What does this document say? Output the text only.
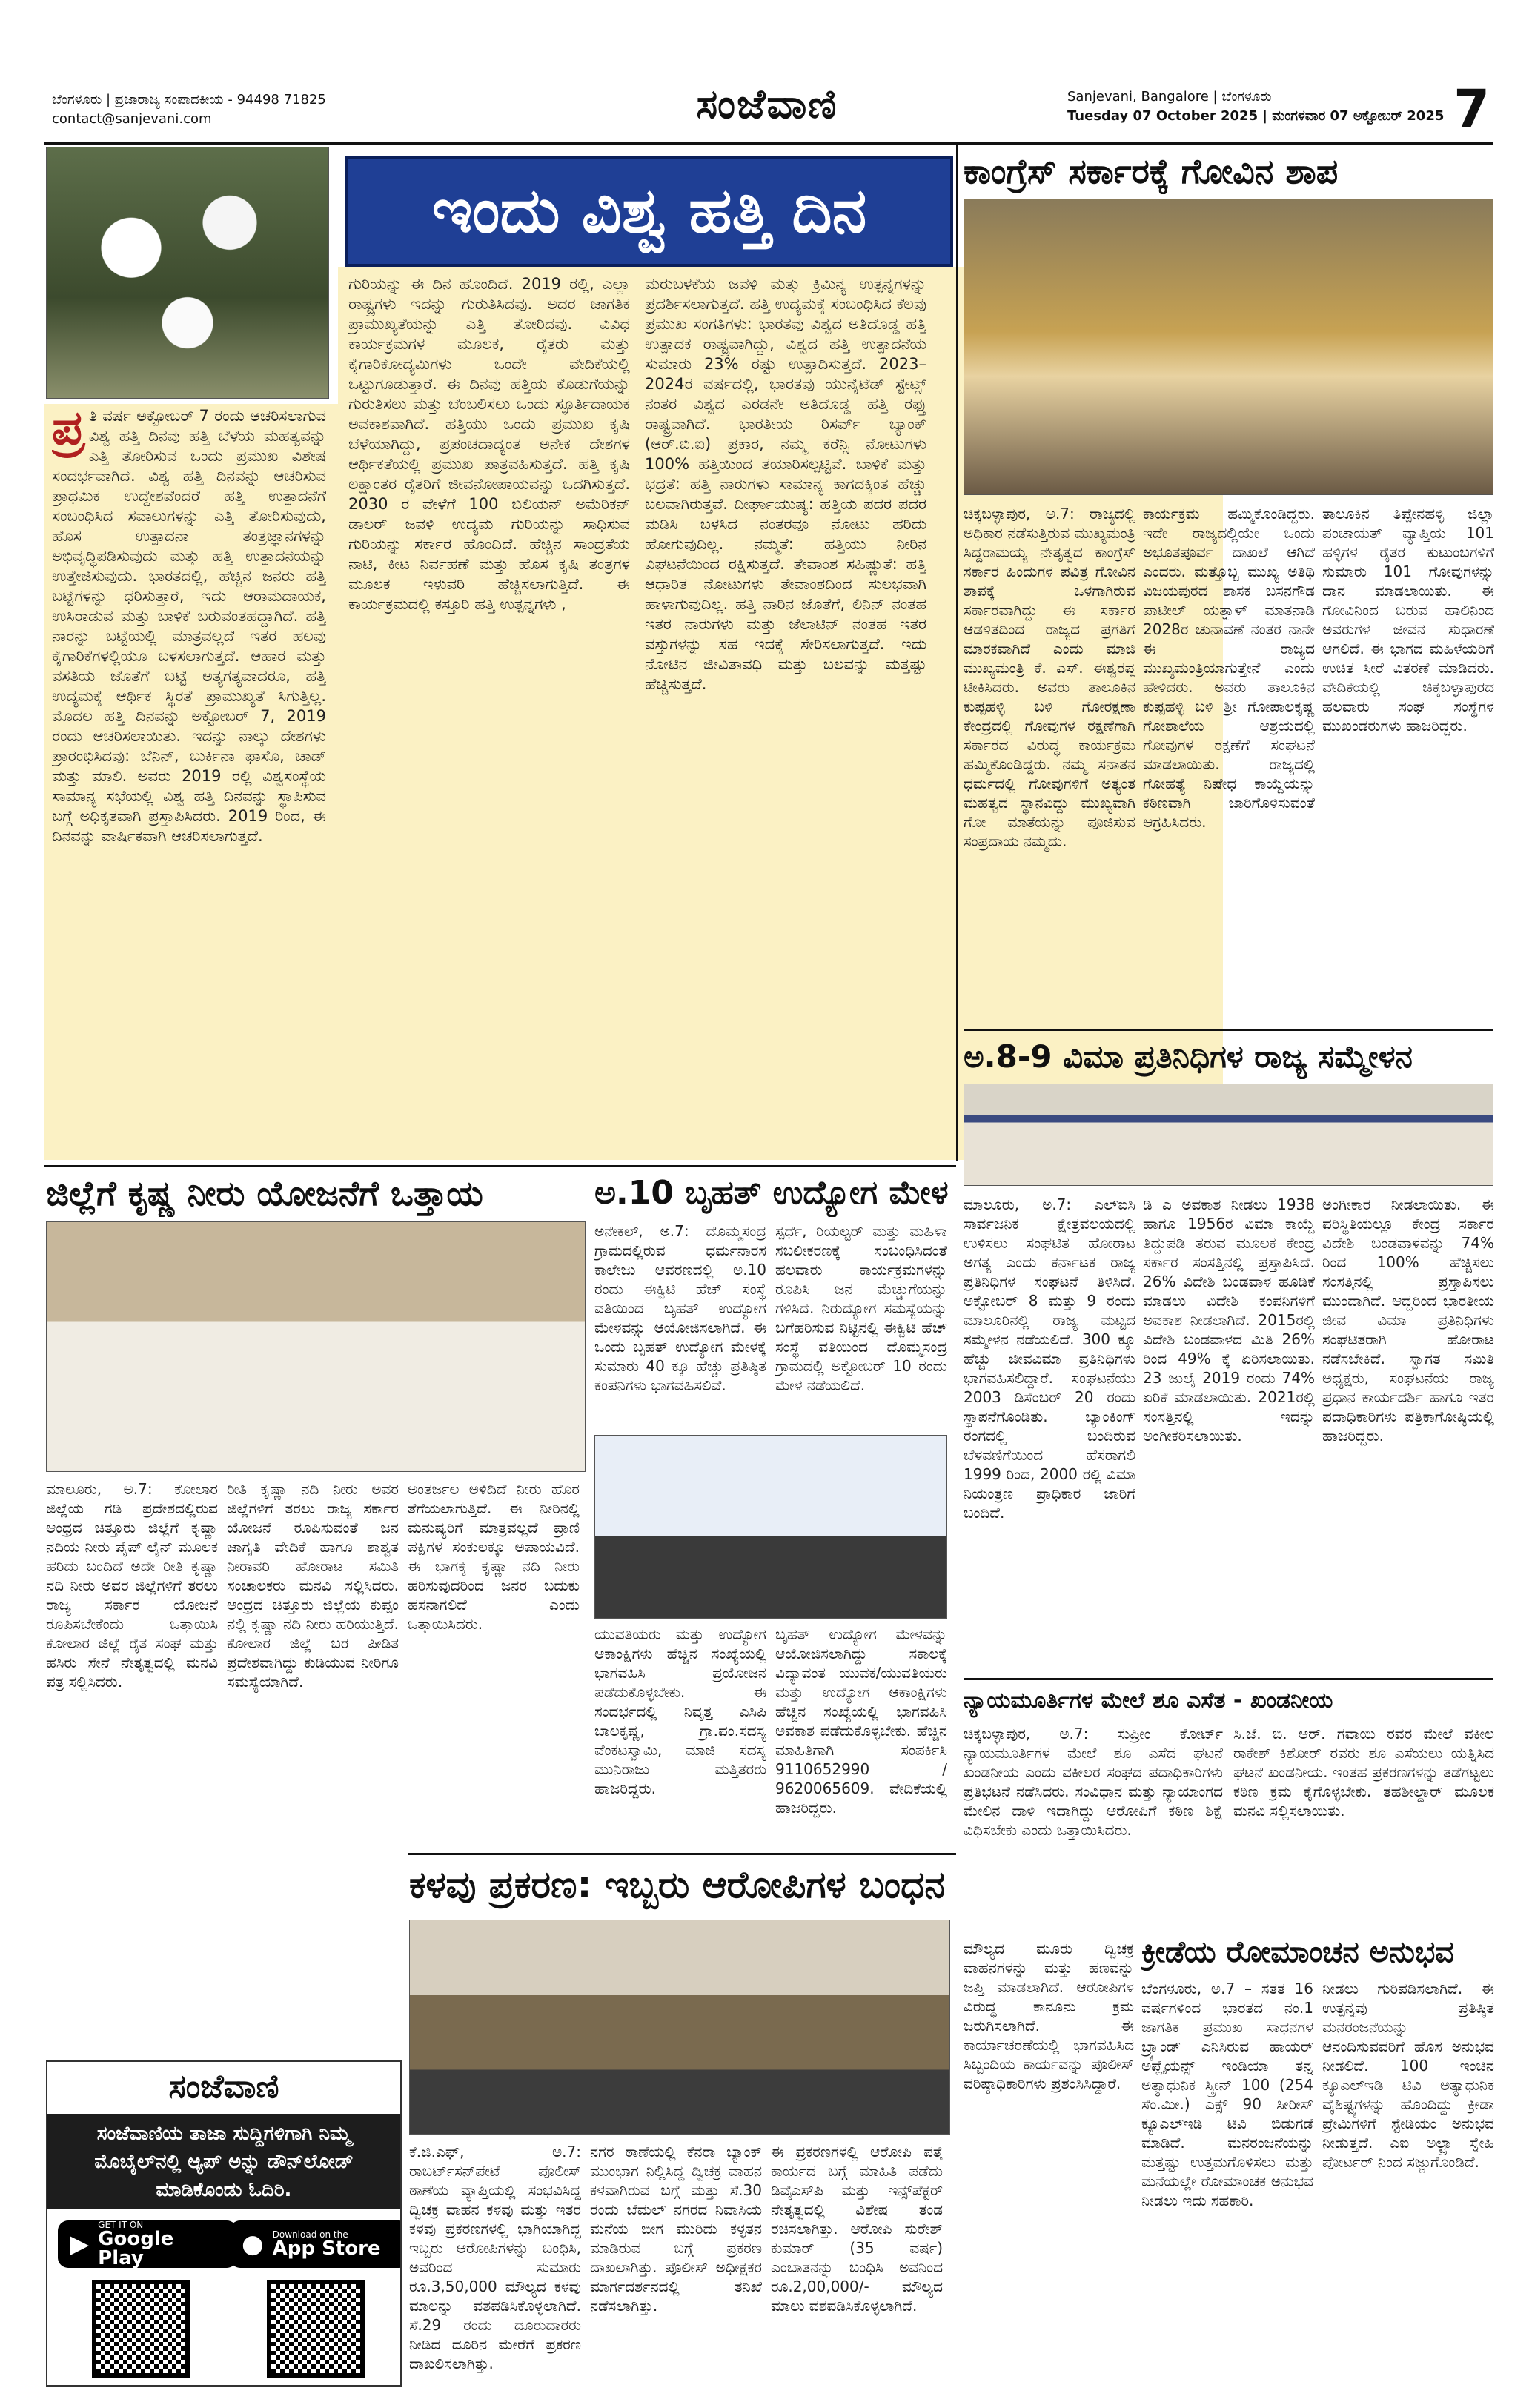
ಬೆಂಗಳೂರು | ಪ್ರಜಾರಾಜ್ಯ ಸಂಪಾದಕೀಯ - 94498 71825
contact@sanjevani.com	ಸಂಜೆವಾಣಿ	Sanjevani, Bangalore | ಬೆಂಗಳೂರು
Tuesday 07 October 2025 | ಮಂಗಳವಾರ 07 ಅಕ್ಟೋಬರ್ 2025 7
ಇಂದು ವಿಶ್ವ ಹತ್ತಿ ದಿನ
ಪ್ರ ತಿ ವರ್ಷ ಅಕ್ಟೋಬರ್ 7 ರಂದು ಆಚರಿಸಲಾಗುವ ವಿಶ್ವ ಹತ್ತಿ ದಿನವು ಹತ್ತಿ ಬೆಳೆಯ ಮಹತ್ವವನ್ನು ಎತ್ತಿ ತೋರಿಸುವ ಒಂದು ಪ್ರಮುಖ ವಿಶೇಷ ಸಂದರ್ಭವಾಗಿದೆ. ವಿಶ್ವ ಹತ್ತಿ ದಿನವನ್ನು ಆಚರಿಸುವ ಪ್ರಾಥಮಿಕ ಉದ್ದೇಶವೆಂದರೆ ಹತ್ತಿ ಉತ್ಪಾದನೆಗೆ ಸಂಬಂಧಿಸಿದ ಸವಾಲುಗಳನ್ನು ಎತ್ತಿ ತೋರಿಸುವುದು, ಹೊಸ ಉತ್ಪಾದನಾ ತಂತ್ರಜ್ಞಾನಗಳನ್ನು ಅಭಿವೃದ್ಧಿಪಡಿಸುವುದು ಮತ್ತು ಹತ್ತಿ ಉತ್ಪಾದನೆಯನ್ನು ಉತ್ತೇಜಿಸುವುದು. ಭಾರತದಲ್ಲಿ, ಹೆಚ್ಚಿನ ಜನರು ಹತ್ತಿ ಬಟ್ಟೆಗಳನ್ನು ಧರಿಸುತ್ತಾರೆ, ಇದು ಆರಾಮದಾಯಕ, ಉಸಿರಾಡುವ ಮತ್ತು ಬಾಳಿಕೆ ಬರುವಂತಹದ್ದಾಗಿದೆ. ಹತ್ತಿ ನಾರನ್ನು ಬಟ್ಟೆಯಲ್ಲಿ ಮಾತ್ರವಲ್ಲದೆ ಇತರ ಹಲವು ಕೈಗಾರಿಕೆಗಳಲ್ಲಿಯೂ ಬಳಸಲಾಗುತ್ತದೆ. ಆಹಾರ ಮತ್ತು ವಸತಿಯ ಜೊತೆಗೆ ಬಟ್ಟೆ ಅತ್ಯಗತ್ಯವಾದರೂ, ಹತ್ತಿ ಉದ್ಯಮಕ್ಕೆ ಆರ್ಥಿಕ ಸ್ಥಿರತೆ ಪ್ರಾಮುಖ್ಯತೆ ಸಿಗುತ್ತಿಲ್ಲ. ಮೊದಲ ಹತ್ತಿ ದಿನವನ್ನು ಅಕ್ಟೋಬರ್ 7, 2019 ರಂದು ಆಚರಿಸಲಾಯಿತು. ಇದನ್ನು ನಾಲ್ಕು ದೇಶಗಳು ಪ್ರಾರಂಭಿಸಿದವು: ಬೆನಿನ್, ಬುರ್ಕಿನಾ ಫಾಸೊ, ಚಾಡ್ ಮತ್ತು ಮಾಲಿ. ಅವರು 2019 ರಲ್ಲಿ ವಿಶ್ವಸಂಸ್ಥೆಯ ಸಾಮಾನ್ಯ ಸಭೆಯಲ್ಲಿ ವಿಶ್ವ ಹತ್ತಿ ದಿನವನ್ನು ಸ್ಥಾಪಿಸುವ ಬಗ್ಗೆ ಅಧಿಕೃತವಾಗಿ ಪ್ರಸ್ತಾಪಿಸಿದರು. 2019 ರಿಂದ, ಈ ದಿನವನ್ನು ವಾರ್ಷಿಕವಾಗಿ ಆಚರಿಸಲಾಗುತ್ತದೆ.
ಗುರಿಯನ್ನು ಈ ದಿನ ಹೊಂದಿದೆ. 2019 ರಲ್ಲಿ, ಎಲ್ಲಾ ರಾಷ್ಟ್ರಗಳು ಇದನ್ನು ಗುರುತಿಸಿದವು. ಅದರ ಜಾಗತಿಕ ಪ್ರಾಮುಖ್ಯತೆಯನ್ನು ಎತ್ತಿ ತೋರಿದವು. ವಿವಿಧ ಕಾರ್ಯಕ್ರಮಗಳ ಮೂಲಕ, ರೈತರು ಮತ್ತು ಕೈಗಾರಿಕೋದ್ಯಮಿಗಳು ಒಂದೇ ವೇದಿಕೆಯಲ್ಲಿ ಒಟ್ಟುಗೂಡುತ್ತಾರೆ. ಈ ದಿನವು ಹತ್ತಿಯ ಕೊಡುಗೆಯನ್ನು ಗುರುತಿಸಲು ಮತ್ತು ಬೆಂಬಲಿಸಲು ಒಂದು ಸ್ಫೂರ್ತಿದಾಯಕ ಅವಕಾಶವಾಗಿದೆ. ಹತ್ತಿಯು ಒಂದು ಪ್ರಮುಖ ಕೃಷಿ ಬೆಳೆಯಾಗಿದ್ದು, ಪ್ರಪಂಚದಾದ್ಯಂತ ಅನೇಕ ದೇಶಗಳ ಆರ್ಥಿಕತೆಯಲ್ಲಿ ಪ್ರಮುಖ ಪಾತ್ರವಹಿಸುತ್ತದೆ. ಹತ್ತಿ ಕೃಷಿ ಲಕ್ಷಾಂತರ ರೈತರಿಗೆ ಜೀವನೋಪಾಯವನ್ನು ಒದಗಿಸುತ್ತದೆ. 2030 ರ ವೇಳೆಗೆ 100 ಬಿಲಿಯನ್ ಅಮೆರಿಕನ್ ಡಾಲರ್ ಜವಳಿ ಉದ್ಯಮ ಗುರಿಯನ್ನು ಸಾಧಿಸುವ ಗುರಿಯನ್ನು ಸರ್ಕಾರ ಹೊಂದಿದೆ. ಹೆಚ್ಚಿನ ಸಾಂದ್ರತೆಯ ನಾಟಿ, ಕೀಟ ನಿರ್ವಹಣೆ ಮತ್ತು ಹೊಸ ಕೃಷಿ ತಂತ್ರಗಳ ಮೂಲಕ ಇಳುವರಿ ಹೆಚ್ಚಿಸಲಾಗುತ್ತಿದೆ. ಈ ಕಾರ್ಯಕ್ರಮದಲ್ಲಿ ಕಸ್ತೂರಿ ಹತ್ತಿ ಉತ್ಪನ್ನಗಳು ,
ಮರುಬಳಕೆಯ ಜವಳಿ ಮತ್ತು ಕ್ರಿಮಿನ್ಯ ಉತ್ಪನ್ನಗಳನ್ನು ಪ್ರದರ್ಶಿಸಲಾಗುತ್ತದೆ. ಹತ್ತಿ ಉದ್ಯಮಕ್ಕೆ ಸಂಬಂಧಿಸಿದ ಕೆಲವು ಪ್ರಮುಖ ಸಂಗತಿಗಳು: ಭಾರತವು ವಿಶ್ವದ ಅತಿದೊಡ್ಡ ಹತ್ತಿ ಉತ್ಪಾದಕ ರಾಷ್ಟ್ರವಾಗಿದ್ದು, ವಿಶ್ವದ ಹತ್ತಿ ಉತ್ಪಾದನೆಯ ಸುಮಾರು 23% ರಷ್ಟು ಉತ್ಪಾದಿಸುತ್ತದೆ. 2023–2024ರ ವರ್ಷದಲ್ಲಿ, ಭಾರತವು ಯುನೈಟೆಡ್ ಸ್ಟೇಟ್ಸ್ ನಂತರ ವಿಶ್ವದ ಎರಡನೇ ಅತಿದೊಡ್ಡ ಹತ್ತಿ ರಫ್ತು ರಾಷ್ಟ್ರವಾಗಿದೆ. ಭಾರತೀಯ ರಿಸರ್ವ್ ಬ್ಯಾಂಕ್ (ಆರ್.ಬಿ.ಐ) ಪ್ರಕಾರ, ನಮ್ಮ ಕರೆನ್ಸಿ ನೋಟುಗಳು 100% ಹತ್ತಿಯಿಂದ ತಯಾರಿಸಲ್ಪಟ್ಟಿವೆ. ಬಾಳಿಕೆ ಮತ್ತು ಭದ್ರತೆ: ಹತ್ತಿ ನಾರುಗಳು ಸಾಮಾನ್ಯ ಕಾಗದಕ್ಕಿಂತ ಹೆಚ್ಚು ಬಲವಾಗಿರುತ್ತವೆ. ದೀರ್ಘಾಯುಷ್ಯ: ಹತ್ತಿಯ ಪದರ ಪದರ ಮಡಿಸಿ ಬಳಸಿದ ನಂತರವೂ ನೋಟು ಹರಿದು ಹೋಗುವುದಿಲ್ಲ. ನಮ್ಮತೆ: ಹತ್ತಿಯು ನೀರಿನ ವಿಘಟನೆಯಿಂದ ರಕ್ಷಿಸುತ್ತದೆ. ತೇವಾಂಶ ಸಹಿಷ್ಣುತೆ: ಹತ್ತಿ ಆಧಾರಿತ ನೋಟುಗಳು ತೇವಾಂಶದಿಂದ ಸುಲಭವಾಗಿ ಹಾಳಾಗುವುದಿಲ್ಲ. ಹತ್ತಿ ನಾರಿನ ಜೊತೆಗೆ, ಲಿನಿನ್ ನಂತಹ ಇತರ ನಾರುಗಳು ಮತ್ತು ಜೆಲಾಟಿನ್ ನಂತಹ ಇತರ ವಸ್ತುಗಳನ್ನು ಸಹ ಇದಕ್ಕೆ ಸೇರಿಸಲಾಗುತ್ತದೆ. ಇದು ನೋಟಿನ ಜೀವಿತಾವಧಿ ಮತ್ತು ಬಲವನ್ನು ಮತ್ತಷ್ಟು ಹೆಚ್ಚಿಸುತ್ತದೆ.
ಕಾಂಗ್ರೆಸ್ ಸರ್ಕಾರಕ್ಕೆ ಗೋವಿನ ಶಾಪ
ಚಿಕ್ಕಬಳ್ಳಾಪುರ, ಅ.7: ರಾಜ್ಯದಲ್ಲಿ ಅಧಿಕಾರ ನಡೆಸುತ್ತಿರುವ ಮುಖ್ಯಮಂತ್ರಿ ಸಿದ್ದರಾಮಯ್ಯ ನೇತೃತ್ವದ ಕಾಂಗ್ರೆಸ್ ಸರ್ಕಾರ ಹಿಂದುಗಳ ಪವಿತ್ರ ಗೋವಿನ ಶಾಪಕ್ಕೆ ಒಳಗಾಗಿರುವ ಸರ್ಕಾರವಾಗಿದ್ದು ಈ ಸರ್ಕಾರ ಆಡಳಿತದಿಂದ ರಾಜ್ಯದ ಪ್ರಗತಿಗೆ ಮಾರಕವಾಗಿದೆ ಎಂದು ಮಾಜಿ ಮುಖ್ಯಮಂತ್ರಿ ಕೆ. ಎಸ್. ಈಶ್ವರಪ್ಪ ಟೀಕಿಸಿದರು. ಅವರು ತಾಲೂಕಿನ ಕುಪ್ಪಹಳ್ಳಿ ಬಳಿ ಗೋರಕ್ಷಣಾ ಕೇಂದ್ರದಲ್ಲಿ ಗೋವುಗಳ ರಕ್ಷಣೆಗಾಗಿ ಸರ್ಕಾರದ ವಿರುದ್ಧ ಕಾರ್ಯಕ್ರಮ ಹಮ್ಮಿಕೊಂಡಿದ್ದರು. ನಮ್ಮ ಸನಾತನ ಧರ್ಮದಲ್ಲಿ ಗೋವುಗಳಿಗೆ ಅತ್ಯಂತ ಮಹತ್ವದ ಸ್ಥಾನವಿದ್ದು ಮುಖ್ಯವಾಗಿ ಗೋ ಮಾತೆಯನ್ನು ಪೂಜಿಸುವ ಸಂಪ್ರದಾಯ ನಮ್ಮದು.
ಕಾರ್ಯಕ್ರಮ ಹಮ್ಮಿಕೊಂಡಿದ್ದರು. ಇದೇ ರಾಜ್ಯದಲ್ಲಿಯೇ ಒಂದು ಅಭೂತಪೂರ್ವ ದಾಖಲೆ ಆಗಿದೆ ಎಂದರು. ಮತ್ತೊಬ್ಬ ಮುಖ್ಯ ಅತಿಥಿ ವಿಜಯಪುರದ ಶಾಸಕ ಬಸನಗೌಡ ಪಾಟೀಲ್ ಯತ್ನಾಳ್ ಮಾತನಾಡಿ 2028ರ ಚುನಾವಣೆ ನಂತರ ನಾನೇ ಈ ರಾಜ್ಯದ ಮುಖ್ಯಮಂತ್ರಿಯಾಗುತ್ತೇನೆ ಎಂದು ಹೇಳಿದರು. ಅವರು ತಾಲೂಕಿನ ಕುಪ್ಪಹಳ್ಳಿ ಬಳಿ ಶ್ರೀ ಗೋಪಾಲಕೃಷ್ಣ ಗೋಶಾಲೆಯ ಆಶ್ರಯದಲ್ಲಿ ಗೋವುಗಳ ರಕ್ಷಣೆಗೆ ಸಂಘಟನೆ ಮಾಡಲಾಯಿತು. ರಾಜ್ಯದಲ್ಲಿ ಗೋಹತ್ಯೆ ನಿಷೇಧ ಕಾಯ್ದೆಯನ್ನು ಕಠಿಣವಾಗಿ ಜಾರಿಗೊಳಿಸುವಂತೆ ಆಗ್ರಹಿಸಿದರು.
ತಾಲೂಕಿನ ತಿಪ್ಪೇನಹಳ್ಳಿ ಜಿಲ್ಲಾ ಪಂಚಾಯತ್ ವ್ಯಾಪ್ತಿಯ 101 ಹಳ್ಳಿಗಳ ರೈತರ ಕುಟುಂಬಗಳಿಗೆ ಸುಮಾರು 101 ಗೋವುಗಳನ್ನು ದಾನ ಮಾಡಲಾಯಿತು. ಈ ಗೋವಿನಿಂದ ಬರುವ ಹಾಲಿನಿಂದ ಅವರುಗಳ ಜೀವನ ಸುಧಾರಣೆ ಆಗಲಿದೆ. ಈ ಭಾಗದ ಮಹಿಳೆಯರಿಗೆ ಉಚಿತ ಸೀರೆ ವಿತರಣೆ ಮಾಡಿದರು. ವೇದಿಕೆಯಲ್ಲಿ ಚಿಕ್ಕಬಳ್ಳಾಪುರದ ಹಲವಾರು ಸಂಘ ಸಂಸ್ಥೆಗಳ ಮುಖಂಡರುಗಳು ಹಾಜರಿದ್ದರು.
ಅ.8-9 ವಿಮಾ ಪ್ರತಿನಿಧಿಗಳ ರಾಜ್ಯ ಸಮ್ಮೇಳನ
ಮಾಲೂರು, ಅ.7: ಎಲ್‌ಐಸಿ ಸಾರ್ವಜನಿಕ ಕ್ಷೇತ್ರವಲಯದಲ್ಲಿ ಉಳಿಸಲು ಸಂಘಟಿತ ಹೋರಾಟ ಅಗತ್ಯ ಎಂದು ಕರ್ನಾಟಕ ರಾಜ್ಯ ಪ್ರತಿನಿಧಿಗಳ ಸಂಘಟನೆ ತಿಳಿಸಿದೆ. ಅಕ್ಟೋಬರ್ 8 ಮತ್ತು 9 ರಂದು ಮಾಲೂರಿನಲ್ಲಿ ರಾಜ್ಯ ಮಟ್ಟದ ಸಮ್ಮೇಳನ ನಡೆಯಲಿದೆ. 300 ಕ್ಕೂ ಹೆಚ್ಚು ಜೀವವಿಮಾ ಪ್ರತಿನಿಧಿಗಳು ಭಾಗವಹಿಸಲಿದ್ದಾರೆ. ಸಂಘಟನೆಯು 2003 ಡಿಸೆಂಬರ್ 20 ರಂದು ಸ್ಥಾಪನೆಗೊಂಡಿತು. ಬ್ಯಾಂಕಿಂಗ್ ರಂಗದಲ್ಲಿ ಬಂದಿರುವ ಬೆಳವಣಿಗೆಯಿಂದ ಹೆಸರಾಗಲಿ 1999 ರಿಂದ, 2000 ರಲ್ಲಿ ವಿಮಾ ನಿಯಂತ್ರಣ ಪ್ರಾಧಿಕಾರ ಜಾರಿಗೆ ಬಂದಿದೆ.
ಡಿ ಎ ಅವಕಾಶ ನೀಡಲು 1938 ಹಾಗೂ 1956ರ ವಿಮಾ ಕಾಯ್ದೆ ತಿದ್ದುಪಡಿ ತರುವ ಮೂಲಕ ಕೇಂದ್ರ ಸರ್ಕಾರ ಸಂಸತ್ತಿನಲ್ಲಿ ಪ್ರಸ್ತಾಪಿಸಿದೆ. 26% ವಿದೇಶಿ ಬಂಡವಾಳ ಹೂಡಿಕೆ ಮಾಡಲು ವಿದೇಶಿ ಕಂಪನಿಗಳಿಗೆ ಅವಕಾಶ ನೀಡಲಾಗಿದೆ. 2015ರಲ್ಲಿ ವಿದೇಶಿ ಬಂಡವಾಳದ ಮಿತಿ 26% ರಿಂದ 49% ಕ್ಕೆ ಏರಿಸಲಾಯಿತು. 23 ಜುಲೈ 2019 ರಂದು 74% ಏರಿಕೆ ಮಾಡಲಾಯಿತು. 2021ರಲ್ಲಿ ಸಂಸತ್ತಿನಲ್ಲಿ ಇದನ್ನು ಅಂಗೀಕರಿಸಲಾಯಿತು.
ಅಂಗೀಕಾರ ನೀಡಲಾಯಿತು. ಈ ಪರಿಸ್ಥಿತಿಯಲ್ಲೂ ಕೇಂದ್ರ ಸರ್ಕಾರ ವಿದೇಶಿ ಬಂಡವಾಳವನ್ನು 74% ರಿಂದ 100% ಹೆಚ್ಚಿಸಲು ಸಂಸತ್ತಿನಲ್ಲಿ ಪ್ರಸ್ತಾಪಿಸಲು ಮುಂದಾಗಿದೆ. ಆದ್ದರಿಂದ ಭಾರತೀಯ ಜೀವ ವಿಮಾ ಪ್ರತಿನಿಧಿಗಳು ಸಂಘಟಿತರಾಗಿ ಹೋರಾಟ ನಡೆಸಬೇಕಿದೆ. ಸ್ವಾಗತ ಸಮಿತಿ ಅಧ್ಯಕ್ಷರು, ಸಂಘಟನೆಯ ರಾಜ್ಯ ಪ್ರಧಾನ ಕಾರ್ಯದರ್ಶಿ ಹಾಗೂ ಇತರ ಪದಾಧಿಕಾರಿಗಳು ಪತ್ರಿಕಾಗೋಷ್ಠಿಯಲ್ಲಿ ಹಾಜರಿದ್ದರು.
ಜಿಲ್ಲೆಗೆ ಕೃಷ್ಣ ನೀರು ಯೋಜನೆಗೆ ಒತ್ತಾಯ
ಮಾಲೂರು, ಅ.7: ಕೋಲಾರ ಜಿಲ್ಲೆಯ ಗಡಿ ಪ್ರದೇಶದಲ್ಲಿರುವ ಆಂಧ್ರದ ಚಿತ್ತೂರು ಜಿಲ್ಲೆಗೆ ಕೃಷ್ಣಾ ನದಿಯ ನೀರು ಪೈಪ್ ಲೈನ್ ಮೂಲಕ ಹರಿದು ಬಂದಿದೆ ಅದೇ ರೀತಿ ಕೃಷ್ಣಾ ನದಿ ನೀರು ಅವರ ಜಿಲ್ಲೆಗಳಿಗೆ ತರಲು ರಾಜ್ಯ ಸರ್ಕಾರ ಯೋಜನೆ ರೂಪಿಸಬೇಕೆಂದು ಒತ್ತಾಯಿಸಿ ಕೋಲಾರ ಜಿಲ್ಲೆ ರೈತ ಸಂಘ ಮತ್ತು ಹಸಿರು ಸೇನೆ ನೇತೃತ್ವದಲ್ಲಿ ಮನವಿ ಪತ್ರ ಸಲ್ಲಿಸಿದರು.
ರೀತಿ ಕೃಷ್ಣಾ ನದಿ ನೀರು ಅವರ ಜಿಲ್ಲೆಗಳಿಗೆ ತರಲು ರಾಜ್ಯ ಸರ್ಕಾರ ಯೋಜನೆ ರೂಪಿಸುವಂತೆ ಜನ ಜಾಗೃತಿ ವೇದಿಕೆ ಹಾಗೂ ಶಾಶ್ವತ ನೀರಾವರಿ ಹೋರಾಟ ಸಮಿತಿ ಸಂಚಾಲಕರು ಮನವಿ ಸಲ್ಲಿಸಿದರು. ಆಂಧ್ರದ ಚಿತ್ತೂರು ಜಿಲ್ಲೆಯ ಕುಪ್ಪಂ ನಲ್ಲಿ ಕೃಷ್ಣಾ ನದಿ ನೀರು ಹರಿಯುತ್ತಿದೆ. ಕೋಲಾರ ಜಿಲ್ಲೆ ಬರ ಪೀಡಿತ ಪ್ರದೇಶವಾಗಿದ್ದು ಕುಡಿಯುವ ನೀರಿಗೂ ಸಮಸ್ಯೆಯಾಗಿದೆ.
ಅಂತರ್ಜಲ ಅಳಿದಿದೆ ನೀರು ಹೊರ ತೆಗೆಯಲಾಗುತ್ತಿದೆ. ಈ ನೀರಿನಲ್ಲಿ ಮನುಷ್ಯರಿಗೆ ಮಾತ್ರವಲ್ಲದೆ ಪ್ರಾಣಿ ಪಕ್ಷಿಗಳ ಸಂಕುಲಕ್ಕೂ ಅಪಾಯವಿದೆ. ಈ ಭಾಗಕ್ಕೆ ಕೃಷ್ಣಾ ನದಿ ನೀರು ಹರಿಸುವುದರಿಂದ ಜನರ ಬದುಕು ಹಸನಾಗಲಿದೆ ಎಂದು ಒತ್ತಾಯಿಸಿದರು.
ಅ.10 ಬೃಹತ್ ಉದ್ಯೋಗ ಮೇಳ
ಅನೇಕಲ್, ಅ.7: ದೊಮ್ಮಸಂದ್ರ ಗ್ರಾಮದಲ್ಲಿರುವ ಧರ್ಮನಾರಸ ಕಾಲೇಜು ಆವರಣದಲ್ಲಿ ಅ.10 ರಂದು ಈಕ್ವಿಟಿ ಹೆಚ್ ಸಂಸ್ಥೆ ವತಿಯಿಂದ ಬೃಹತ್ ಉದ್ಯೋಗ ಮೇಳವನ್ನು ಆಯೋಜಿಸಲಾಗಿದೆ. ಈ ಒಂದು ಬೃಹತ್ ಉದ್ಯೋಗ ಮೇಳಕ್ಕೆ ಸುಮಾರು 40 ಕ್ಕೂ ಹೆಚ್ಚು ಪ್ರತಿಷ್ಠಿತ ಕಂಪನಿಗಳು ಭಾಗವಹಿಸಲಿವೆ.
ಸ್ಪರ್ಧೆ, ರಿಯಲ್ಟರ್ ಮತ್ತು ಮಹಿಳಾ ಸಬಲೀಕರಣಕ್ಕೆ ಸಂಬಂಧಿಸಿದಂತೆ ಹಲವಾರು ಕಾರ್ಯಕ್ರಮಗಳನ್ನು ರೂಪಿಸಿ ಜನ ಮೆಚ್ಚುಗೆಯನ್ನು ಗಳಿಸಿದೆ. ನಿರುದ್ಯೋಗ ಸಮಸ್ಯೆಯನ್ನು ಬಗೆಹರಿಸುವ ನಿಟ್ಟಿನಲ್ಲಿ ಈಕ್ವಿಟಿ ಹೆಚ್ ಸಂಸ್ಥೆ ವತಿಯಿಂದ ದೊಮ್ಮಸಂದ್ರ ಗ್ರಾಮದಲ್ಲಿ ಅಕ್ಟೋಬರ್ 10 ರಂದು ಮೇಳ ನಡೆಯಲಿದೆ.
ಯುವತಿಯರು ಮತ್ತು ಉದ್ಯೋಗ ಆಕಾಂಕ್ಷಿಗಳು ಹೆಚ್ಚಿನ ಸಂಖ್ಯೆಯಲ್ಲಿ ಭಾಗವಹಿಸಿ ಪ್ರಯೋಜನ ಪಡೆದುಕೊಳ್ಳಬೇಕು. ಈ ಸಂದರ್ಭದಲ್ಲಿ ನಿವೃತ್ತ ಎಸಿಪಿ ಬಾಲಕೃಷ್ಣ, ಗ್ರಾ.ಪಂ.ಸದಸ್ಯ ವೆಂಕಟಸ್ವಾಮಿ, ಮಾಜಿ ಸದಸ್ಯ ಮುನಿರಾಜು ಮತ್ತಿತರರು ಹಾಜರಿದ್ದರು.
ಬೃಹತ್ ಉದ್ಯೋಗ ಮೇಳವನ್ನು ಆಯೋಜಿಸಲಾಗಿದ್ದು ಸಕಾಲಕ್ಕೆ ವಿದ್ಯಾವಂತ ಯುವಕ/ಯುವತಿಯರು ಮತ್ತು ಉದ್ಯೋಗ ಆಕಾಂಕ್ಷಿಗಳು ಹೆಚ್ಚಿನ ಸಂಖ್ಯೆಯಲ್ಲಿ ಭಾಗವಹಿಸಿ ಅವಕಾಶ ಪಡೆದುಕೊಳ್ಳಬೇಕು. ಹೆಚ್ಚಿನ ಮಾಹಿತಿಗಾಗಿ ಸಂಪರ್ಕಿಸಿ 9110652990 / 9620065609. ವೇದಿಕೆಯಲ್ಲಿ ಹಾಜರಿದ್ದರು.
ನ್ಯಾಯಮೂರ್ತಿಗಳ ಮೇಲೆ ಶೂ ಎಸೆತ - ಖಂಡನೀಯ
ಚಿಕ್ಕಬಳ್ಳಾಪುರ, ಅ.7: ಸುಪ್ರೀಂ ಕೋರ್ಟ್ ನ್ಯಾಯಮೂರ್ತಿಗಳ ಮೇಲೆ ಶೂ ಎಸೆದ ಘಟನೆ ಖಂಡನೀಯ ಎಂದು ವಕೀಲರ ಸಂಘದ ಪದಾಧಿಕಾರಿಗಳು ಪ್ರತಿಭಟನೆ ನಡೆಸಿದರು. ಸಂವಿಧಾನ ಮತ್ತು ನ್ಯಾಯಾಂಗದ ಮೇಲಿನ ದಾಳಿ ಇದಾಗಿದ್ದು ಆರೋಪಿಗೆ ಕಠಿಣ ಶಿಕ್ಷೆ ವಿಧಿಸಬೇಕು ಎಂದು ಒತ್ತಾಯಿಸಿದರು.
ಸಿ.ಜೆ. ಬಿ. ಆರ್. ಗವಾಯಿ ರವರ ಮೇಲೆ ವಕೀಲ ರಾಕೇಶ್ ಕಿಶೋರ್ ರವರು ಶೂ ಎಸೆಯಲು ಯತ್ನಿಸಿದ ಘಟನೆ ಖಂಡನೀಯ. ಇಂತಹ ಪ್ರಕರಣಗಳನ್ನು ತಡೆಗಟ್ಟಲು ಕಠಿಣ ಕ್ರಮ ಕೈಗೊಳ್ಳಬೇಕು. ತಹಶೀಲ್ದಾರ್ ಮೂಲಕ ಮನವಿ ಸಲ್ಲಿಸಲಾಯಿತು.
ಕಳವು ಪ್ರಕರಣ: ಇಬ್ಬರು ಆರೋಪಿಗಳ ಬಂಧನ
ಕೆ.ಜಿ.ಎಫ್, ಅ.7: ರಾಬರ್ಟ್‌ಸನ್‌ಪೇಟೆ ಪೊಲೀಸ್ ಠಾಣೆಯ ವ್ಯಾಪ್ತಿಯಲ್ಲಿ ಸಂಭವಿಸಿದ್ದ ದ್ವಿಚಕ್ರ ವಾಹನ ಕಳವು ಮತ್ತು ಇತರ ಕಳವು ಪ್ರಕರಣಗಳಲ್ಲಿ ಭಾಗಿಯಾಗಿದ್ದ ಇಬ್ಬರು ಆರೋಪಿಗಳನ್ನು ಬಂಧಿಸಿ, ಅವರಿಂದ ಸುಮಾರು ರೂ.3,50,000 ಮೌಲ್ಯದ ಕಳವು ಮಾಲನ್ನು ವಶಪಡಿಸಿಕೊಳ್ಳಲಾಗಿದೆ. ಸೆ.29 ರಂದು ದೂರುದಾರರು ನೀಡಿದ ದೂರಿನ ಮೇರೆಗೆ ಪ್ರಕರಣ ದಾಖಲಿಸಲಾಗಿತ್ತು.
ನಗರ ಠಾಣೆಯಲ್ಲಿ ಕೆನರಾ ಬ್ಯಾಂಕ್ ಮುಂಭಾಗ ನಿಲ್ಲಿಸಿದ್ದ ದ್ವಿಚಕ್ರ ವಾಹನ ಕಳವಾಗಿರುವ ಬಗ್ಗೆ ಮತ್ತು ಸೆ.30 ರಂದು ಬೆಮಲ್ ನಗರದ ನಿವಾಸಿಯ ಮನೆಯ ಬೀಗ ಮುರಿದು ಕಳ್ಳತನ ಮಾಡಿರುವ ಬಗ್ಗೆ ಪ್ರಕರಣ ದಾಖಲಾಗಿತ್ತು. ಪೊಲೀಸ್ ಅಧೀಕ್ಷಕರ ಮಾರ್ಗದರ್ಶನದಲ್ಲಿ ತನಿಖೆ ನಡೆಸಲಾಗಿತ್ತು.
ಈ ಪ್ರಕರಣಗಳಲ್ಲಿ ಆರೋಪಿ ಪತ್ತೆ ಕಾರ್ಯದ ಬಗ್ಗೆ ಮಾಹಿತಿ ಪಡೆದು ಡಿವೈಎಸ್‌ಪಿ ಮತ್ತು ಇನ್ಸ್‌ಪೆಕ್ಟರ್ ನೇತೃತ್ವದಲ್ಲಿ ವಿಶೇಷ ತಂಡ ರಚಿಸಲಾಗಿತ್ತು. ಆರೋಪಿ ಸುರೇಶ್ ಕುಮಾರ್ (35 ವರ್ಷ) ಎಂಬಾತನನ್ನು ಬಂಧಿಸಿ ಅವನಿಂದ ರೂ.2,00,000/- ಮೌಲ್ಯದ ಮಾಲು ವಶಪಡಿಸಿಕೊಳ್ಳಲಾಗಿದೆ.
ಮೌಲ್ಯದ ಮೂರು ದ್ವಿಚಕ್ರ ವಾಹನಗಳನ್ನು ಮತ್ತು ಹಣವನ್ನು ಜಪ್ತಿ ಮಾಡಲಾಗಿದೆ. ಆರೋಪಿಗಳ ವಿರುದ್ಧ ಕಾನೂನು ಕ್ರಮ ಜರುಗಿಸಲಾಗಿದೆ. ಈ ಕಾರ್ಯಾಚರಣೆಯಲ್ಲಿ ಭಾಗವಹಿಸಿದ ಸಿಬ್ಬಂದಿಯ ಕಾರ್ಯವನ್ನು ಪೊಲೀಸ್ ವರಿಷ್ಠಾಧಿಕಾರಿಗಳು ಪ್ರಶಂಸಿಸಿದ್ದಾರೆ.
ಕ್ರೀಡೆಯ ರೋಮಾಂಚನ ಅನುಭವ
ಬೆಂಗಳೂರು, ಅ.7 – ಸತತ 16 ವರ್ಷಗಳಿಂದ ಭಾರತದ ನಂ.1 ಜಾಗತಿಕ ಪ್ರಮುಖ ಸಾಧನಗಳ ಬ್ರ್ಯಾಂಡ್ ಎನಿಸಿರುವ ಹಾಯರ್ ಅಪ್ಲೈಯನ್ಸ್ ಇಂಡಿಯಾ ತನ್ನ ಅತ್ಯಾಧುನಿಕ ಸ್ಕ್ರೀನ್ 100 (254 ಸೆಂ.ಮೀ.) ಎಕ್ಸ್ 90 ಸೀರೀಸ್ ಕ್ಯೂಎಲ್‌ಇಡಿ ಟಿವಿ ಬಿಡುಗಡೆ ಮಾಡಿದೆ. ಮನರಂಜನೆಯನ್ನು ಮತ್ತಷ್ಟು ಉತ್ತಮಗೊಳಿಸಲು ಮತ್ತು ಮನೆಯಲ್ಲೇ ರೋಮಾಂಚಕ ಅನುಭವ ನೀಡಲು ಇದು ಸಹಕಾರಿ.
ನೀಡಲು ಗುರಿಪಡಿಸಲಾಗಿದೆ. ಈ ಉತ್ಪನ್ನವು ಪ್ರತಿಷ್ಠಿತ ಮನರಂಜನೆಯನ್ನು ಆನಂದಿಸುವವರಿಗೆ ಹೊಸ ಅನುಭವ ನೀಡಲಿದೆ. 100 ಇಂಚಿನ ಕ್ಯೂಎಲ್‌ಇಡಿ ಟಿವಿ ಅತ್ಯಾಧುನಿಕ ವೈಶಿಷ್ಟ್ಯಗಳನ್ನು ಹೊಂದಿದ್ದು ಕ್ರೀಡಾ ಪ್ರೇಮಿಗಳಿಗೆ ಸ್ಟೇಡಿಯಂ ಅನುಭವ ನೀಡುತ್ತದೆ. ಎಐ ಅಲ್ಟ್ರಾ ಸ್ನೇಹಿ ಪೋರ್ಟರ್ ನಿಂದ ಸಜ್ಜುಗೊಂಡಿದೆ.
ಸಂಜೆವಾಣಿ
ಸಂಜೆವಾಣಿಯ ತಾಜಾ ಸುದ್ದಿಗಳಿಗಾಗಿ ನಿಮ್ಮ ಮೊಬೈಲ್‌ನಲ್ಲಿ ಆ್ಯಪ್ ಅನ್ನು ಡೌನ್‌ಲೋಡ್ ಮಾಡಿಕೊಂಡು ಓದಿರಿ.
▶
GET IT ON
Google Play	● Download on the
App Store
